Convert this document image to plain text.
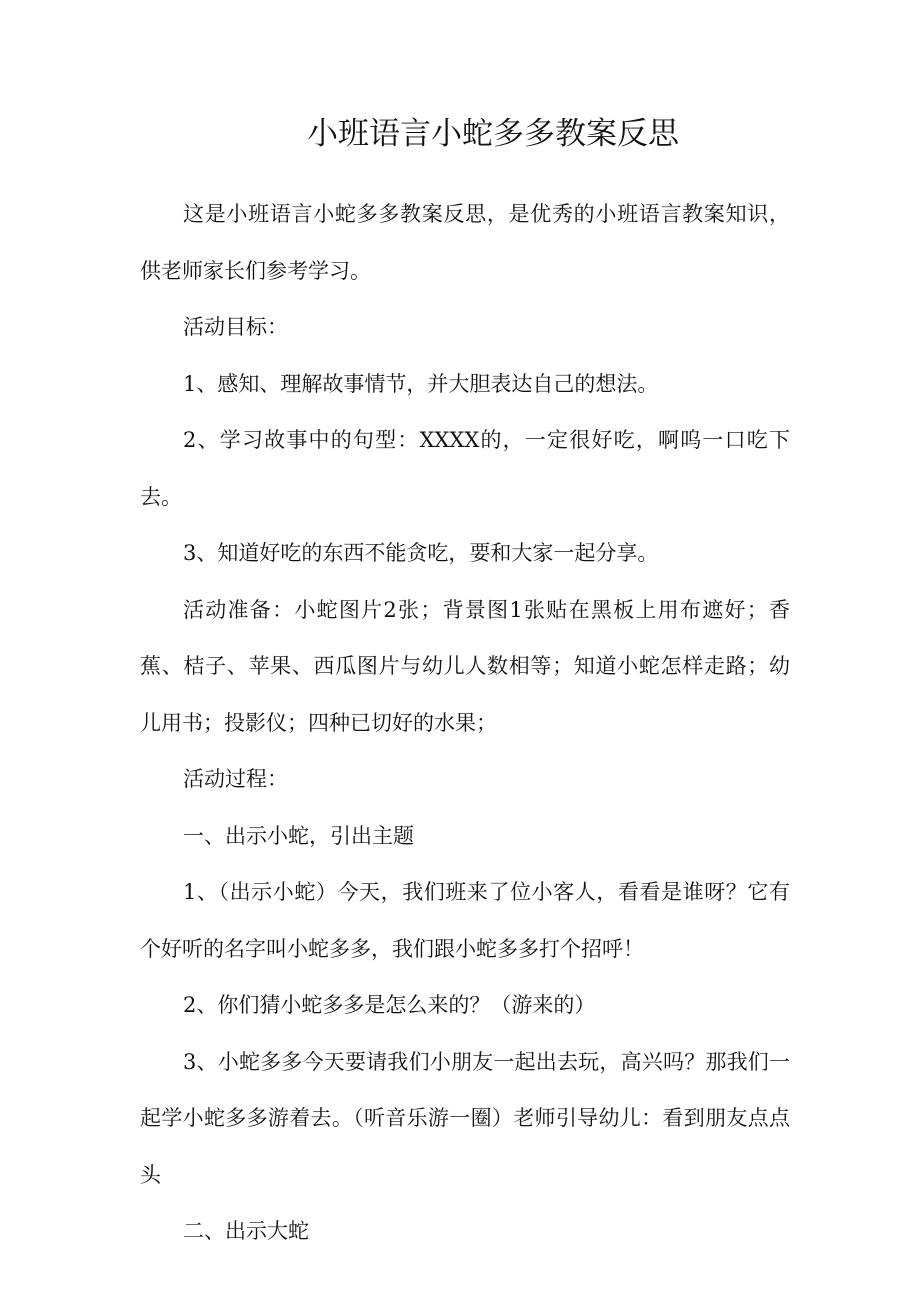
小班语言小蛇多多教案反思

这是小班语言小蛇多多教案反思，是优秀的小班语言教案知识，供老师家长们参考学习。

活动目标：

1、感知、理解故事情节，并大胆表达自己的想法。

2、学习故事中的句型：XXXX的，一定很好吃，啊呜一口吃下去。

3、知道好吃的东西不能贪吃，要和大家一起分享。

活动准备：小蛇图片2张；背景图1张贴在黑板上用布遮好；香蕉、桔子、苹果、西瓜图片与幼儿人数相等；知道小蛇怎样走路；幼儿用书；投影仪；四种已切好的水果；

活动过程：

一、出示小蛇，引出主题

1、（出示小蛇）今天，我们班来了位小客人，看看是谁呀？它有个好听的名字叫小蛇多多，我们跟小蛇多多打个招呼！

2、你们猜小蛇多多是怎么来的？（游来的）

3、小蛇多多今天要请我们小朋友一起出去玩，高兴吗？那我们一起学小蛇多多游着去。（听音乐游一圈）老师引导幼儿：看到朋友点点头

二、出示大蛇
